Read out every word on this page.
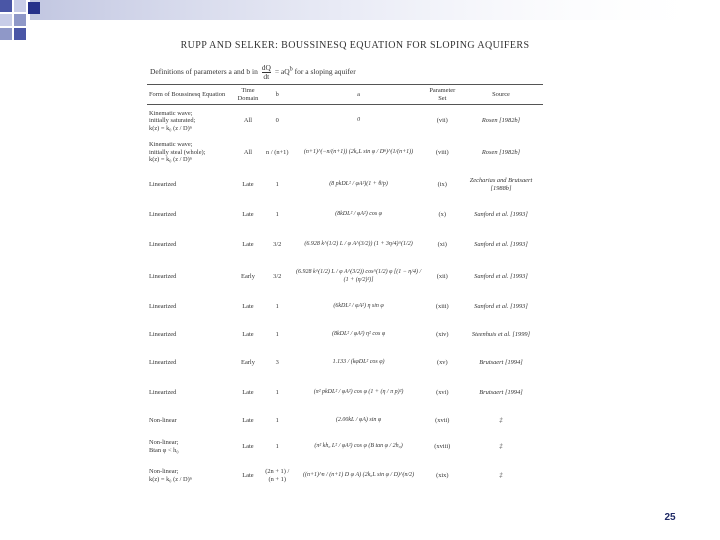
RUPP AND SELKER: BOUSSINESQ EQUATION FOR SLOPING AQUIFERS
Definitions of parameters a and b in $\frac{dQ}{dt} = aQ^b$ for a sloping aquifer
Form of Boussinesq Equation	Time Domain	b	a	Parameter Set	Source

Kinematic wave;
initially saturated;
k(z) = k₀ (z / D)ⁿ	All	0	0	(vii)	Rosen [1982b]

Kinematic wave;
initially steal (whole);
k(z) = k₀ (z / D)ⁿ	All	n / (n+1)	(n+1)^(−n/(n+1)) (2k₀L sin φ / Dⁿ)^(1/(n+1))	(viii)	Rosen [1982b]

Linearized	Late	1	(8 pkDL² / φA²)(1 + θ/p)	(ix)	Zecharias and Brutsaert [1988b]

Linearized	Late	1	(8kDL² / φA²) cos φ	(x)	Sanford et al. [1993]

Linearized	Late	3/2	(6.928 k^(1/2) L / φ A^(3/2)) (1 + 3η/4)^(1/2)	(xi)	Sanford et al. [1993]

Linearized	Early	3/2	(6.928 k^(1/2) L / φ A^(3/2)) cos^(1/2) φ [(1 − η/4) / (1 + (η/2)²)]	(xii)	Sanford et al. [1993]

Linearized	Late	1	(6kDL² / φA²) η sin φ	(xiii)	Sanford et al. [1993]

Linearized	Late	1	(8kDL² / φA²) η² cos φ	(xiv)	Steenhuis et al. [1999]

Linearized	Early	3	1.133 / (kφDL² cos φ)	(xv)	Brutsaert [1994]

Linearized	Late	1	(π² pkDL² / φA²) cos φ (1 + (η / π p)²)	(xvi)	Brutsaert [1994]

Non-linear	Late	1	(2.00kL / φA) sin φ	(xvii)	‡

Non-linear;
Btan φ < h₀	Late	1	(π² kh₀ L² / φA²) cos φ (B tan φ / 2h₀)	(xviii)	‡

Non-linear;
k(z) = k₀ (z / D)ⁿ	Late	(2n + 1) / (n + 1)	((n+1)^n / (n+1) D φ A) (2k₀L sin φ / D)^(n/2)	(xix)	‡
25
